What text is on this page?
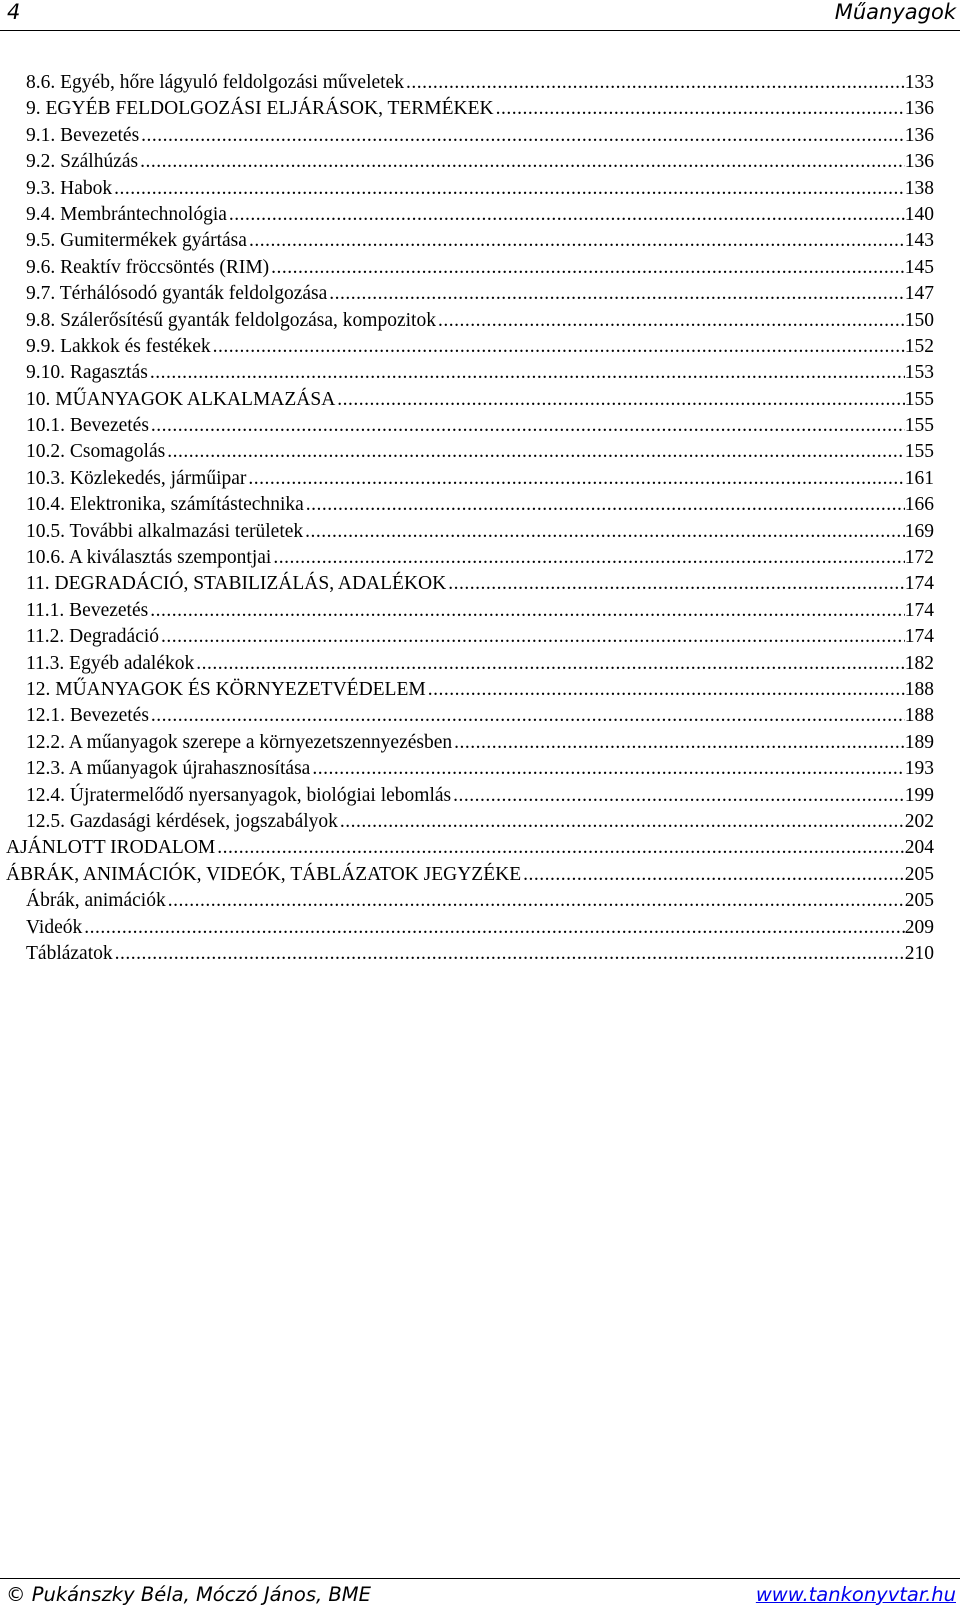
4	Műanyagok
8.6. Egyéb, hőre lágyuló feldolgozási műveletek .....	133
9. EGYÉB FELDOLGOZÁSI ELJÁRÁSOK, TERMÉKEK .....	136
9.1. Bevezetés .....	136
9.2. Szálhúzás .....	136
9.3. Habok .....	138
9.4. Membrántechnológia .....	140
9.5. Gumitermékek gyártása .....	143
9.6. Reaktív fröccsöntés (RIM) .....	145
9.7. Térhálósodó gyanták feldolgozása .....	147
9.8. Szálerősítésű gyanták feldolgozása, kompozitok .....	150
9.9. Lakkok és festékek .....	152
9.10. Ragasztás .....	153
10. MŰANYAGOK ALKALMAZÁSA .....	155
10.1. Bevezetés .....	155
10.2. Csomagolás .....	155
10.3. Közlekedés, járműipar .....	161
10.4. Elektronika, számítástechnika .....	166
10.5. További alkalmazási területek .....	169
10.6. A kiválasztás szempontjai .....	172
11. DEGRADÁCIÓ, STABILIZÁLÁS, ADALÉKOK .....	174
11.1. Bevezetés .....	174
11.2. Degradáció .....	174
11.3. Egyéb adalékok .....	182
12. MŰANYAGOK ÉS KÖRNYEZETVÉDELEM .....	188
12.1. Bevezetés .....	188
12.2. A műanyagok szerepe a környezetszennyezésben .....	189
12.3. A műanyagok újrahasznosítása .....	193
12.4. Újratermelődő nyersanyagok, biológiai lebomlás .....	199
12.5. Gazdasági kérdések, jogszabályok .....	202
AJÁNLOTT IRODALOM .....	204
ÁBRÁK, ANIMÁCIÓK, VIDEÓK, TÁBLÁZATOK JEGYZÉKE .....	205
Ábrák, animációk .....	205
Videók .....	209
Táblázatok .....	210
© Pukánszky Béla, Móczó János, BME	www.tankonyvtar.hu
